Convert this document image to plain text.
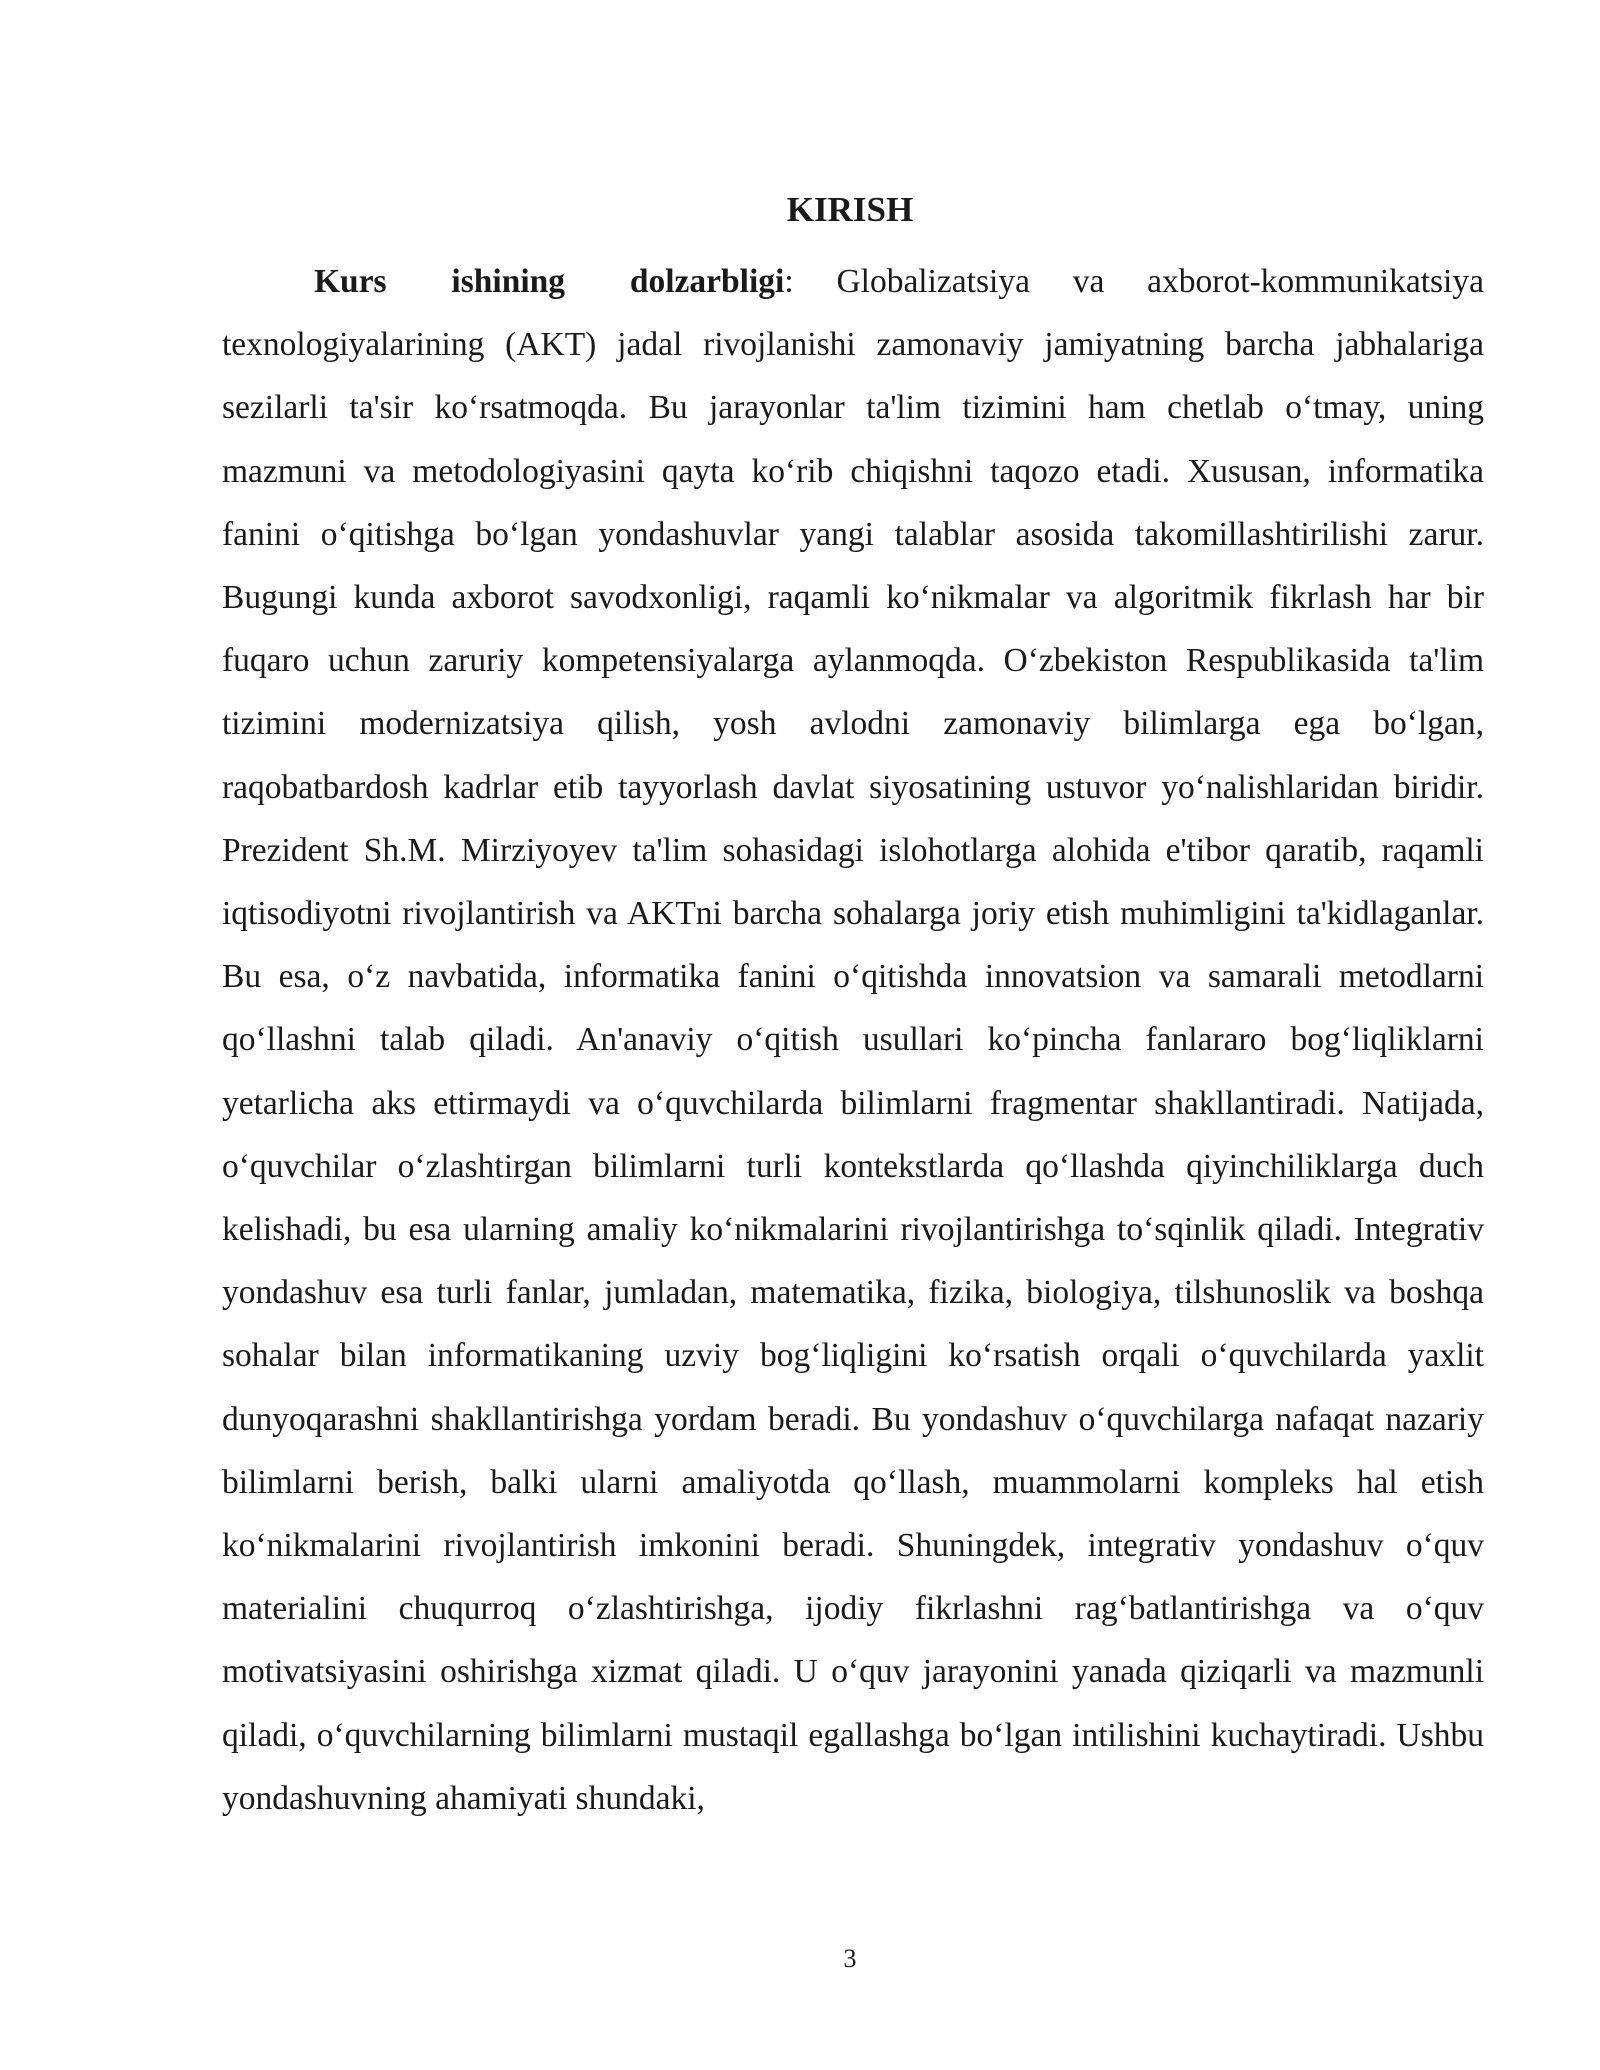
KIRISH

Kurs ishining dolzarbligi: Globalizatsiya va axborot-kommunikatsiya texnologiyalarining (AKT) jadal rivojlanishi zamonaviy jamiyatning barcha jabhalariga sezilarli ta'sir ko‘rsatmoqda. Bu jarayonlar ta'lim tizimini ham chetlab o‘tmay, uning mazmuni va metodologiyasini qayta ko‘rib chiqishni taqozo etadi. Xususan, informatika fanini o‘qitishga bo‘lgan yondashuvlar yangi talablar asosida takomillashtirilishi zarur. Bugungi kunda axborot savodxonligi, raqamli ko‘nikmalar va algoritmik fikrlash har bir fuqaro uchun zaruriy kompetensiyalarga aylanmoqda. O‘zbekiston Respublikasida ta'lim tizimini modernizatsiya qilish, yosh avlodni zamonaviy bilimlarga ega bo‘lgan, raqobatbardosh kadrlar etib tayyorlash davlat siyosatining ustuvor yo‘nalishlaridan biridir. Prezident Sh.M. Mirziyoyev ta'lim sohasidagi islohotlarga alohida e'tibor qaratib, raqamli iqtisodiyotni rivojlantirish va AKTni barcha sohalarga joriy etish muhimligini ta'kidlaganlar. Bu esa, o‘z navbatida, informatika fanini o‘qitishda innovatsion va samarali metodlarni qo‘llashni talab qiladi. An'anaviy o‘qitish usullari ko‘pincha fanlararo bog‘liqliklarni yetarlicha aks ettirmaydi va o‘quvchilarda bilimlarni fragmentar shakllantiradi. Natijada, o‘quvchilar o‘zlashtirgan bilimlarni turli kontekstlarda qo‘llashda qiyinchiliklarga duch kelishadi, bu esa ularning amaliy ko‘nikmalarini rivojlantirishga to‘sqinlik qiladi. Integrativ yondashuv esa turli fanlar, jumladan, matematika, fizika, biologiya, tilshunoslik va boshqa sohalar bilan informatikaning uzviy bog‘liqligini ko‘rsatish orqali o‘quvchilarda yaxlit dunyoqarashni shakllantirishga yordam beradi. Bu yondashuv o‘quvchilarga nafaqat nazariy bilimlarni berish, balki ularni amaliyotda qo‘llash, muammolarni kompleks hal etish ko‘nikmalarini rivojlantirish imkonini beradi. Shuningdek, integrativ yondashuv o‘quv materialini chuqurroq o‘zlashtirishga, ijodiy fikrlashni rag‘batlantirishga va o‘quv motivatsiyasini oshirishga xizmat qiladi. U o‘quv jarayonini yanada qiziqarli va mazmunli qiladi, o‘quvchilarning bilimlarni mustaqil egallashga bo‘lgan intilishini kuchaytiradi. Ushbu yondashuvning ahamiyati shundaki,

3
